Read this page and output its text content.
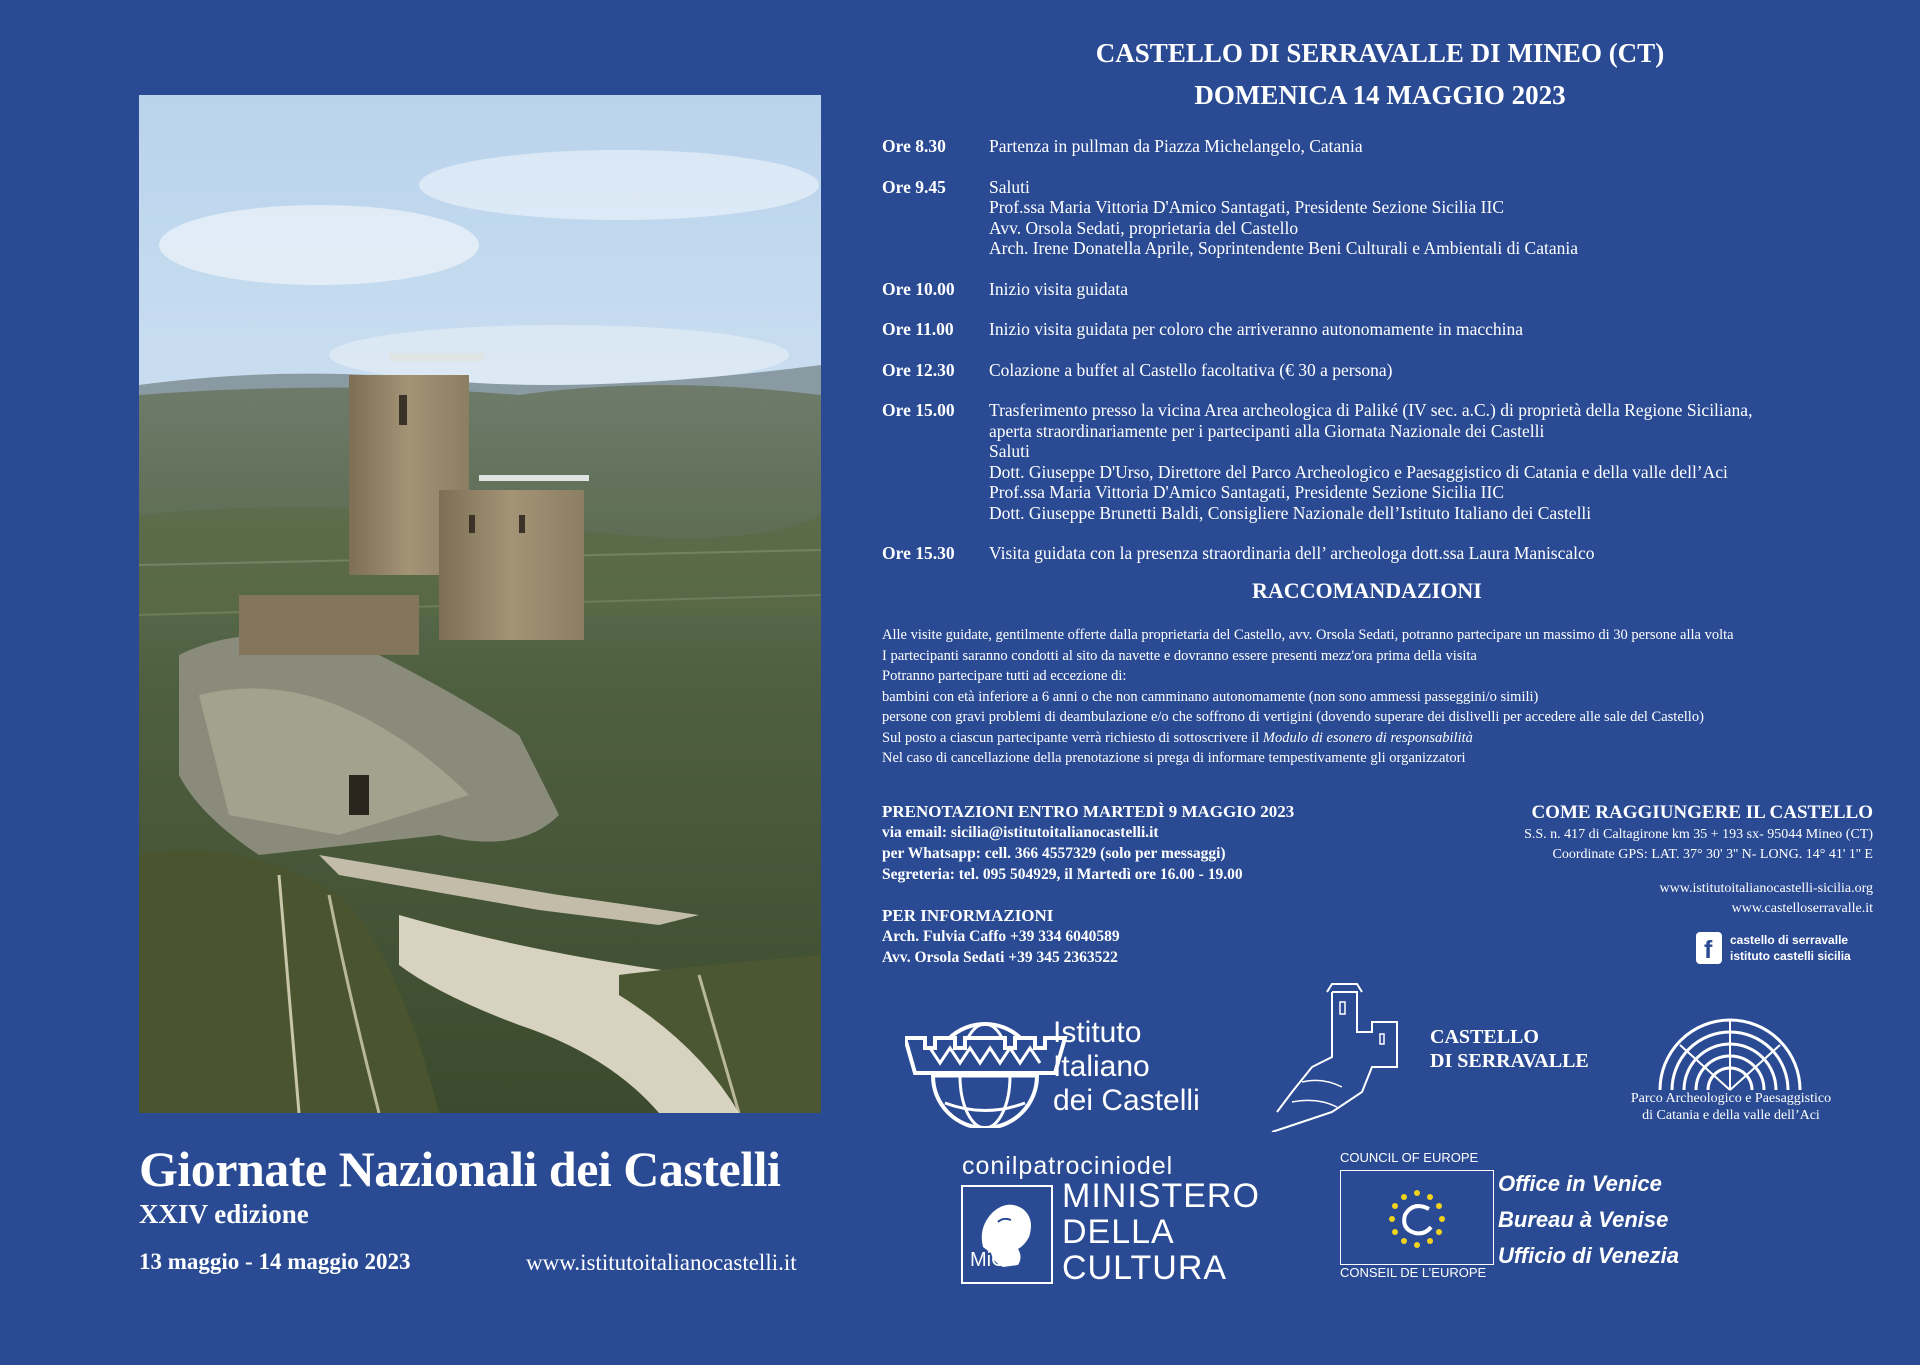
Giornate Nazionali dei Castelli
XXIV edizione
13 maggio - 14 maggio 2023	www.istitutoitalianocastelli.it
CASTELLO DI SERRAVALLE DI MINEO (CT)
DOMENICA 14 MAGGIO 2023
Ore 8.30	Partenza in pullman da Piazza Michelangelo, Catania
Ore 9.45	Saluti
Prof.ssa Maria Vittoria D'Amico Santagati, Presidente Sezione Sicilia IIC
Avv. Orsola Sedati, proprietaria del Castello
Arch. Irene Donatella Aprile, Soprintendente Beni Culturali e Ambientali di Catania
Ore 10.00	Inizio visita guidata
Ore 11.00	Inizio visita guidata per coloro che arriveranno autonomamente in macchina
Ore 12.30	Colazione a buffet al Castello facoltativa (€ 30 a persona)
Ore 15.00	Trasferimento presso la vicina Area archeologica di Paliké (IV sec. a.C.) di proprietà della Regione Siciliana,
aperta straordinariamente per i partecipanti alla Giornata Nazionale dei Castelli
Saluti
Dott. Giuseppe D'Urso, Direttore del Parco Archeologico e Paesaggistico di Catania e della valle dell’Aci
Prof.ssa Maria Vittoria D'Amico Santagati, Presidente Sezione Sicilia IIC
Dott. Giuseppe Brunetti Baldi, Consigliere Nazionale dell’Istituto Italiano dei Castelli
Ore 15.30	Visita guidata con la presenza straordinaria dell’ archeologa dott.ssa Laura Maniscalco
RACCOMANDAZIONI
Alle visite guidate, gentilmente offerte dalla proprietaria del Castello, avv. Orsola Sedati, potranno partecipare un massimo di 30 persone alla volta
I partecipanti saranno condotti al sito da navette e dovranno essere presenti mezz'ora prima della visita
Potranno partecipare tutti ad eccezione di:
bambini con età inferiore a 6 anni o che non camminano autonomamente (non sono ammessi passeggini/o simili)
persone con gravi problemi di deambulazione e/o che soffrono di vertigini (dovendo superare dei dislivelli per accedere alle sale del Castello)
Sul posto a ciascun partecipante verrà richiesto di sottoscrivere il Modulo di esonero di responsabilità
Nel caso di cancellazione della prenotazione si prega di informare tempestivamente gli organizzatori
PRENOTAZIONI ENTRO MARTEDÌ 9 MAGGIO 2023
via email: sicilia@istitutoitalianocastelli.it
per Whatsapp: cell. 366 4557329 (solo per messaggi)
Segreteria: tel. 095 504929, il Martedì ore 16.00 - 19.00
PER INFORMAZIONI
Arch. Fulvia Caffo +39 334 6040589
Avv. Orsola Sedati +39 345 2363522
COME RAGGIUNGERE IL CASTELLO
S.S. n. 417 di Caltagirone km 35 + 193 sx- 95044 Mineo (CT)
Coordinate GPS: LAT. 37° 30' 3'' N- LONG. 14° 41' 1'' E
www.istitutoitalianocastelli-sicilia.org
www.castelloserravalle.it
f castello di serravalle
istituto castelli sicilia
Istituto
Italiano
dei Castelli
CASTELLO
DI SERRAVALLE
Parco Archeologico e Paesaggistico
di Catania e della valle dell’Aci
conilpatrociniodel
MiC
MINISTERO
DELLA
CULTURA
COUNCIL OF EUROPE
CONSEIL DE L’EUROPE
Office in Venice
Bureau à Venise
Ufficio di Venezia
